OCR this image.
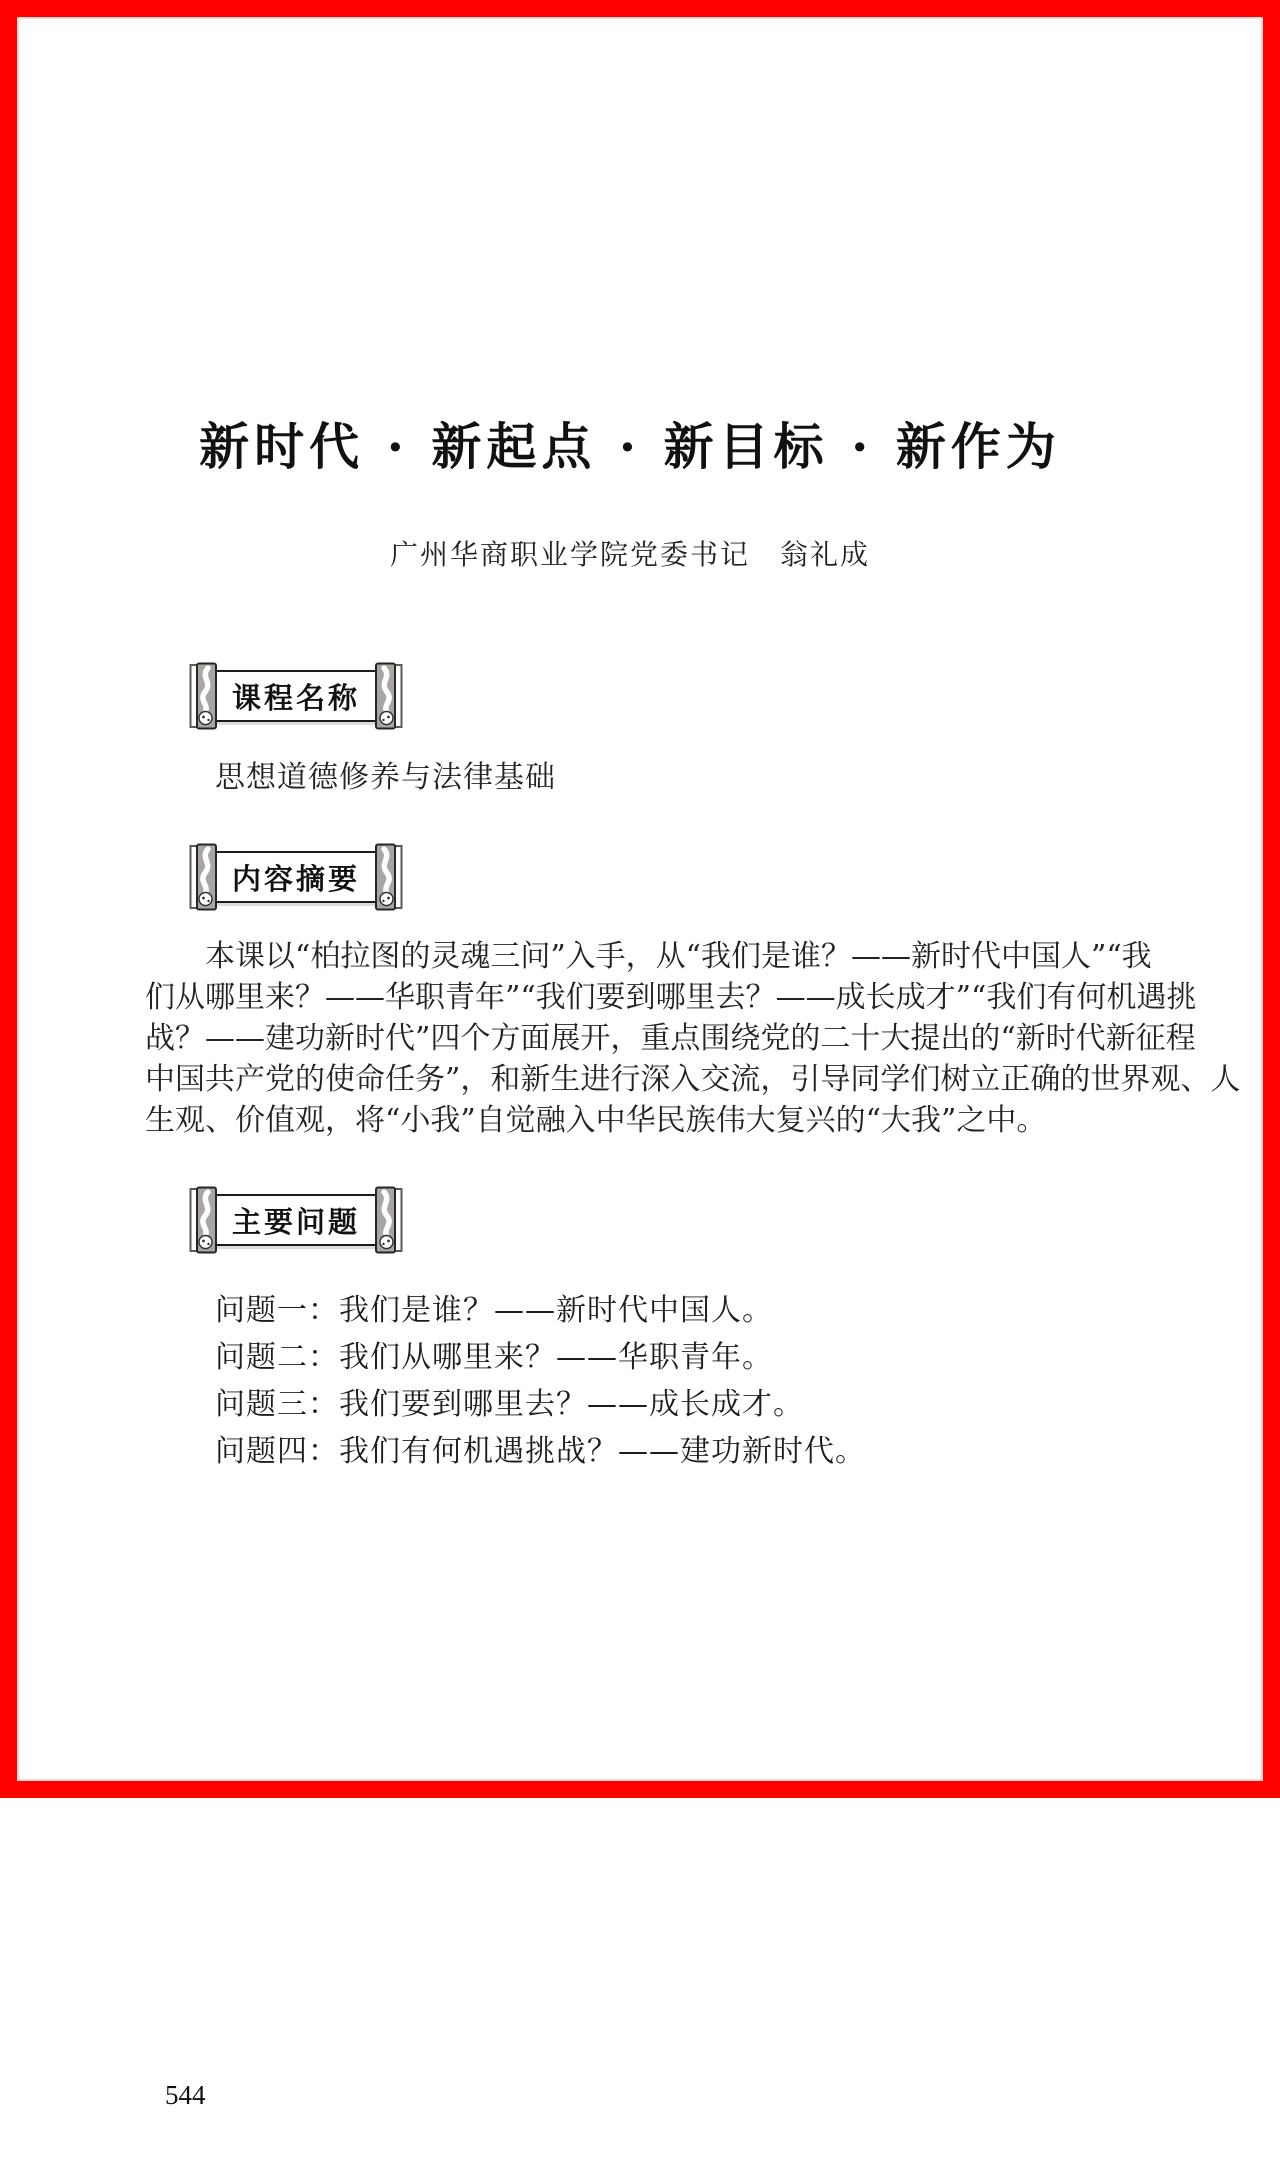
新时代 · 新起点 · 新目标 · 新作为
广州华商职业学院党委书记　翁礼成
课程名称
思想道德修养与法律基础
内容摘要
本课以“柏拉图的灵魂三问”入手，从“我们是谁？——新时代中国人”“我
们从哪里来？——华职青年”“我们要到哪里去？——成长成才”“我们有何机遇挑
战？——建功新时代”四个方面展开，重点围绕党的二十大提出的“新时代新征程
中国共产党的使命任务”，和新生进行深入交流，引导同学们树立正确的世界观、人
生观、价值观，将“小我”自觉融入中华民族伟大复兴的“大我”之中。
主要问题
问题一：我们是谁？——新时代中国人。
问题二：我们从哪里来？——华职青年。
问题三：我们要到哪里去？——成长成才。
问题四：我们有何机遇挑战？——建功新时代。
544
